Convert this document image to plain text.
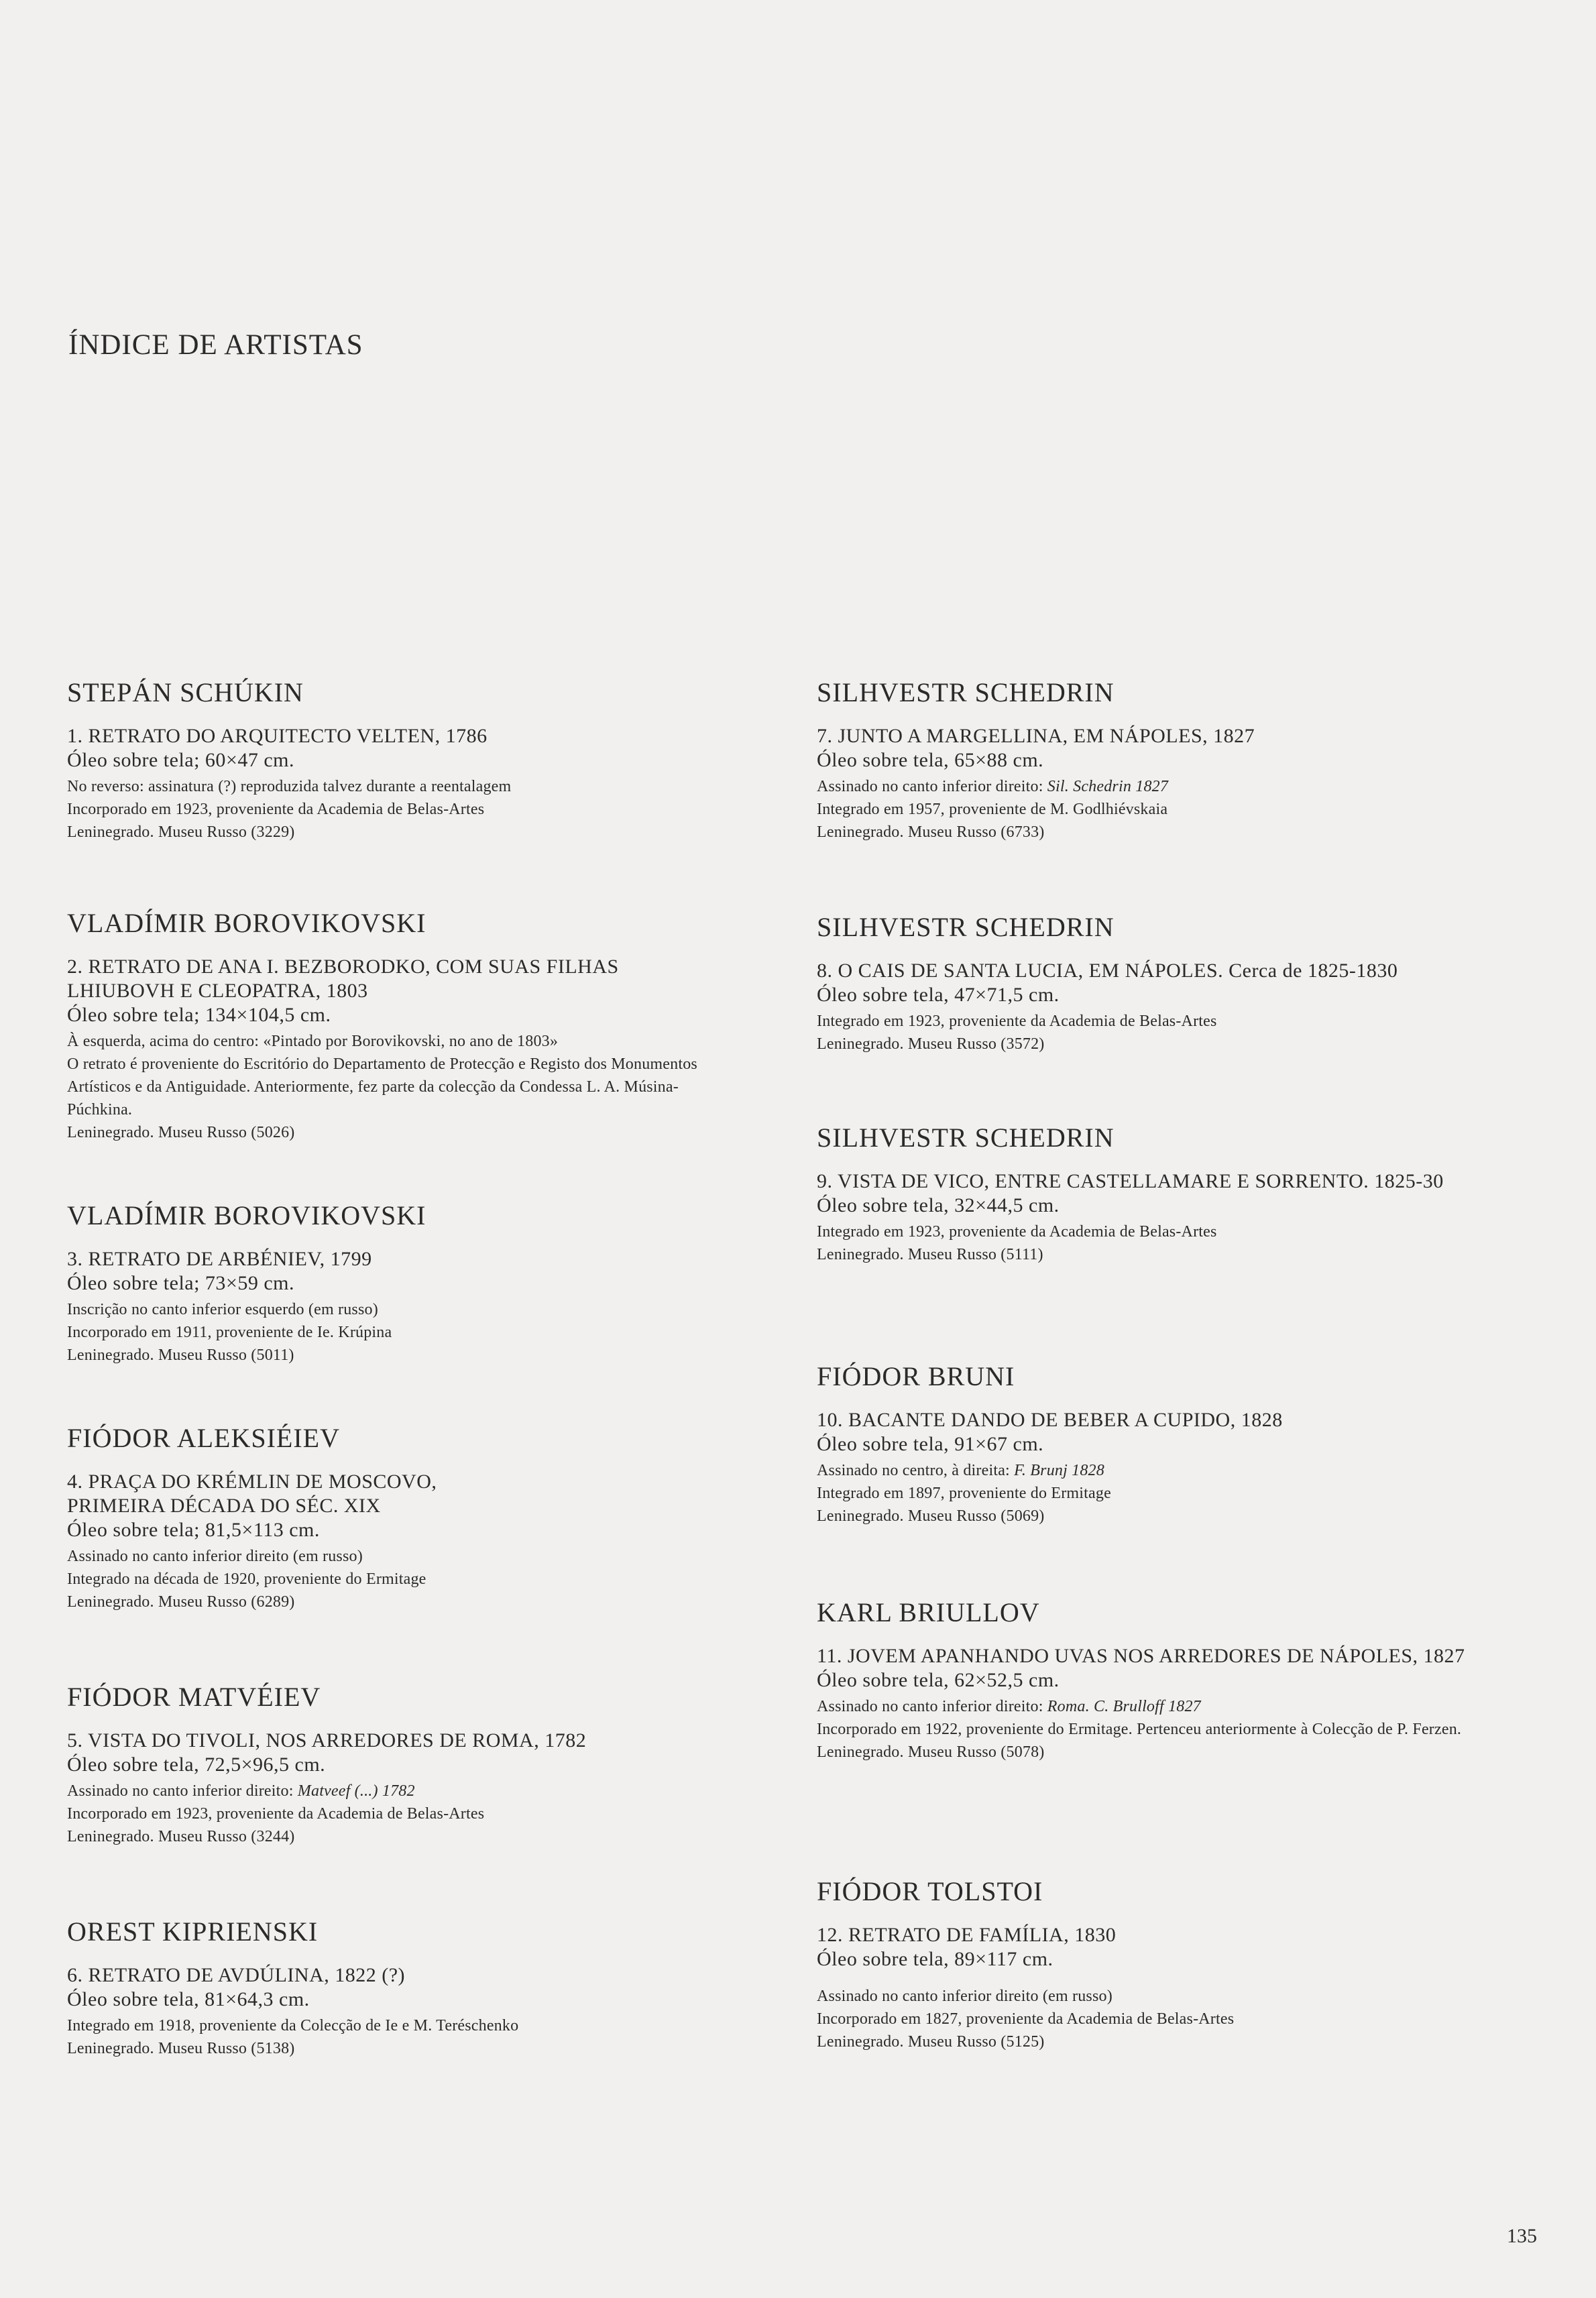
ÍNDICE DE ARTISTAS
STEPÁN SCHÚKIN

1. RETRATO DO ARQUITECTO VELTEN, 1786

Óleo sobre tela; 60×47 cm.

No reverso: assinatura (?) reproduzida talvez durante a reentalagem

Incorporado em 1923, proveniente da Academia de Belas-Artes

Leninegrado. Museu Russo (3229)

VLADÍMIR BOROVIKOVSKI

2. RETRATO DE ANA I. BEZBORODKO, COM SUAS FILHAS LHIUBOVH E CLEOPATRA, 1803

Óleo sobre tela; 134×104,5 cm.

À esquerda, acima do centro: «Pintado por Borovikovski, no ano de 1803»

O retrato é proveniente do Escritório do Departamento de Protecção e Registo dos Monumentos Artísticos e da Antiguidade. Anteriormente, fez parte da colecção da Condessa L. A. Músina-Púchkina.

Leninegrado. Museu Russo (5026)

VLADÍMIR BOROVIKOVSKI

3. RETRATO DE ARBÉNIEV, 1799

Óleo sobre tela; 73×59 cm.

Inscrição no canto inferior esquerdo (em russo)

Incorporado em 1911, proveniente de Ie. Krúpina

Leninegrado. Museu Russo (5011)

FIÓDOR ALEKSIÉIEV

4. PRAÇA DO KRÉMLIN DE MOSCOVO, PRIMEIRA DÉCADA DO SÉC. XIX

Óleo sobre tela; 81,5×113 cm.

Assinado no canto inferior direito (em russo)

Integrado na década de 1920, proveniente do Ermitage

Leninegrado. Museu Russo (6289)

FIÓDOR MATVÉIEV

5. VISTA DO TIVOLI, NOS ARREDORES DE ROMA, 1782

Óleo sobre tela, 72,5×96,5 cm.

Assinado no canto inferior direito: Matveef (...) 1782

Incorporado em 1923, proveniente da Academia de Belas-Artes

Leninegrado. Museu Russo (3244)

OREST KIPRIENSKI

6. RETRATO DE AVDÚLINA, 1822 (?)

Óleo sobre tela, 81×64,3 cm.

Integrado em 1918, proveniente da Colecção de Ie e M. Teréschenko

Leninegrado. Museu Russo (5138)

SILHVESTR SCHEDRIN

7. JUNTO A MARGELLINA, EM NÁPOLES, 1827

Óleo sobre tela, 65×88 cm.

Assinado no canto inferior direito: Sil. Schedrin 1827

Integrado em 1957, proveniente de M. Godlhiévskaia

Leninegrado. Museu Russo (6733)

SILHVESTR SCHEDRIN

8. O CAIS DE SANTA LUCIA, EM NÁPOLES. Cerca de 1825-1830

Óleo sobre tela, 47×71,5 cm.

Integrado em 1923, proveniente da Academia de Belas-Artes

Leninegrado. Museu Russo (3572)

SILHVESTR SCHEDRIN

9. VISTA DE VICO, ENTRE CASTELLAMARE E SORRENTO. 1825-30

Óleo sobre tela, 32×44,5 cm.

Integrado em 1923, proveniente da Academia de Belas-Artes

Leninegrado. Museu Russo (5111)

FIÓDOR BRUNI

10. BACANTE DANDO DE BEBER A CUPIDO, 1828

Óleo sobre tela, 91×67 cm.

Assinado no centro, à direita: F. Brunj 1828

Integrado em 1897, proveniente do Ermitage

Leninegrado. Museu Russo (5069)

KARL BRIULLOV

11. JOVEM APANHANDO UVAS NOS ARREDORES DE NÁPOLES, 1827

Óleo sobre tela, 62×52,5 cm.

Assinado no canto inferior direito: Roma. C. Brulloff 1827

Incorporado em 1922, proveniente do Ermitage. Pertenceu anteriormente à Colecção de P. Ferzen.

Leninegrado. Museu Russo (5078)

FIÓDOR TOLSTOI

12. RETRATO DE FAMÍLIA, 1830

Óleo sobre tela, 89×117 cm.

Assinado no canto inferior direito (em russo)

Incorporado em 1827, proveniente da Academia de Belas-Artes

Leninegrado. Museu Russo (5125)

135
